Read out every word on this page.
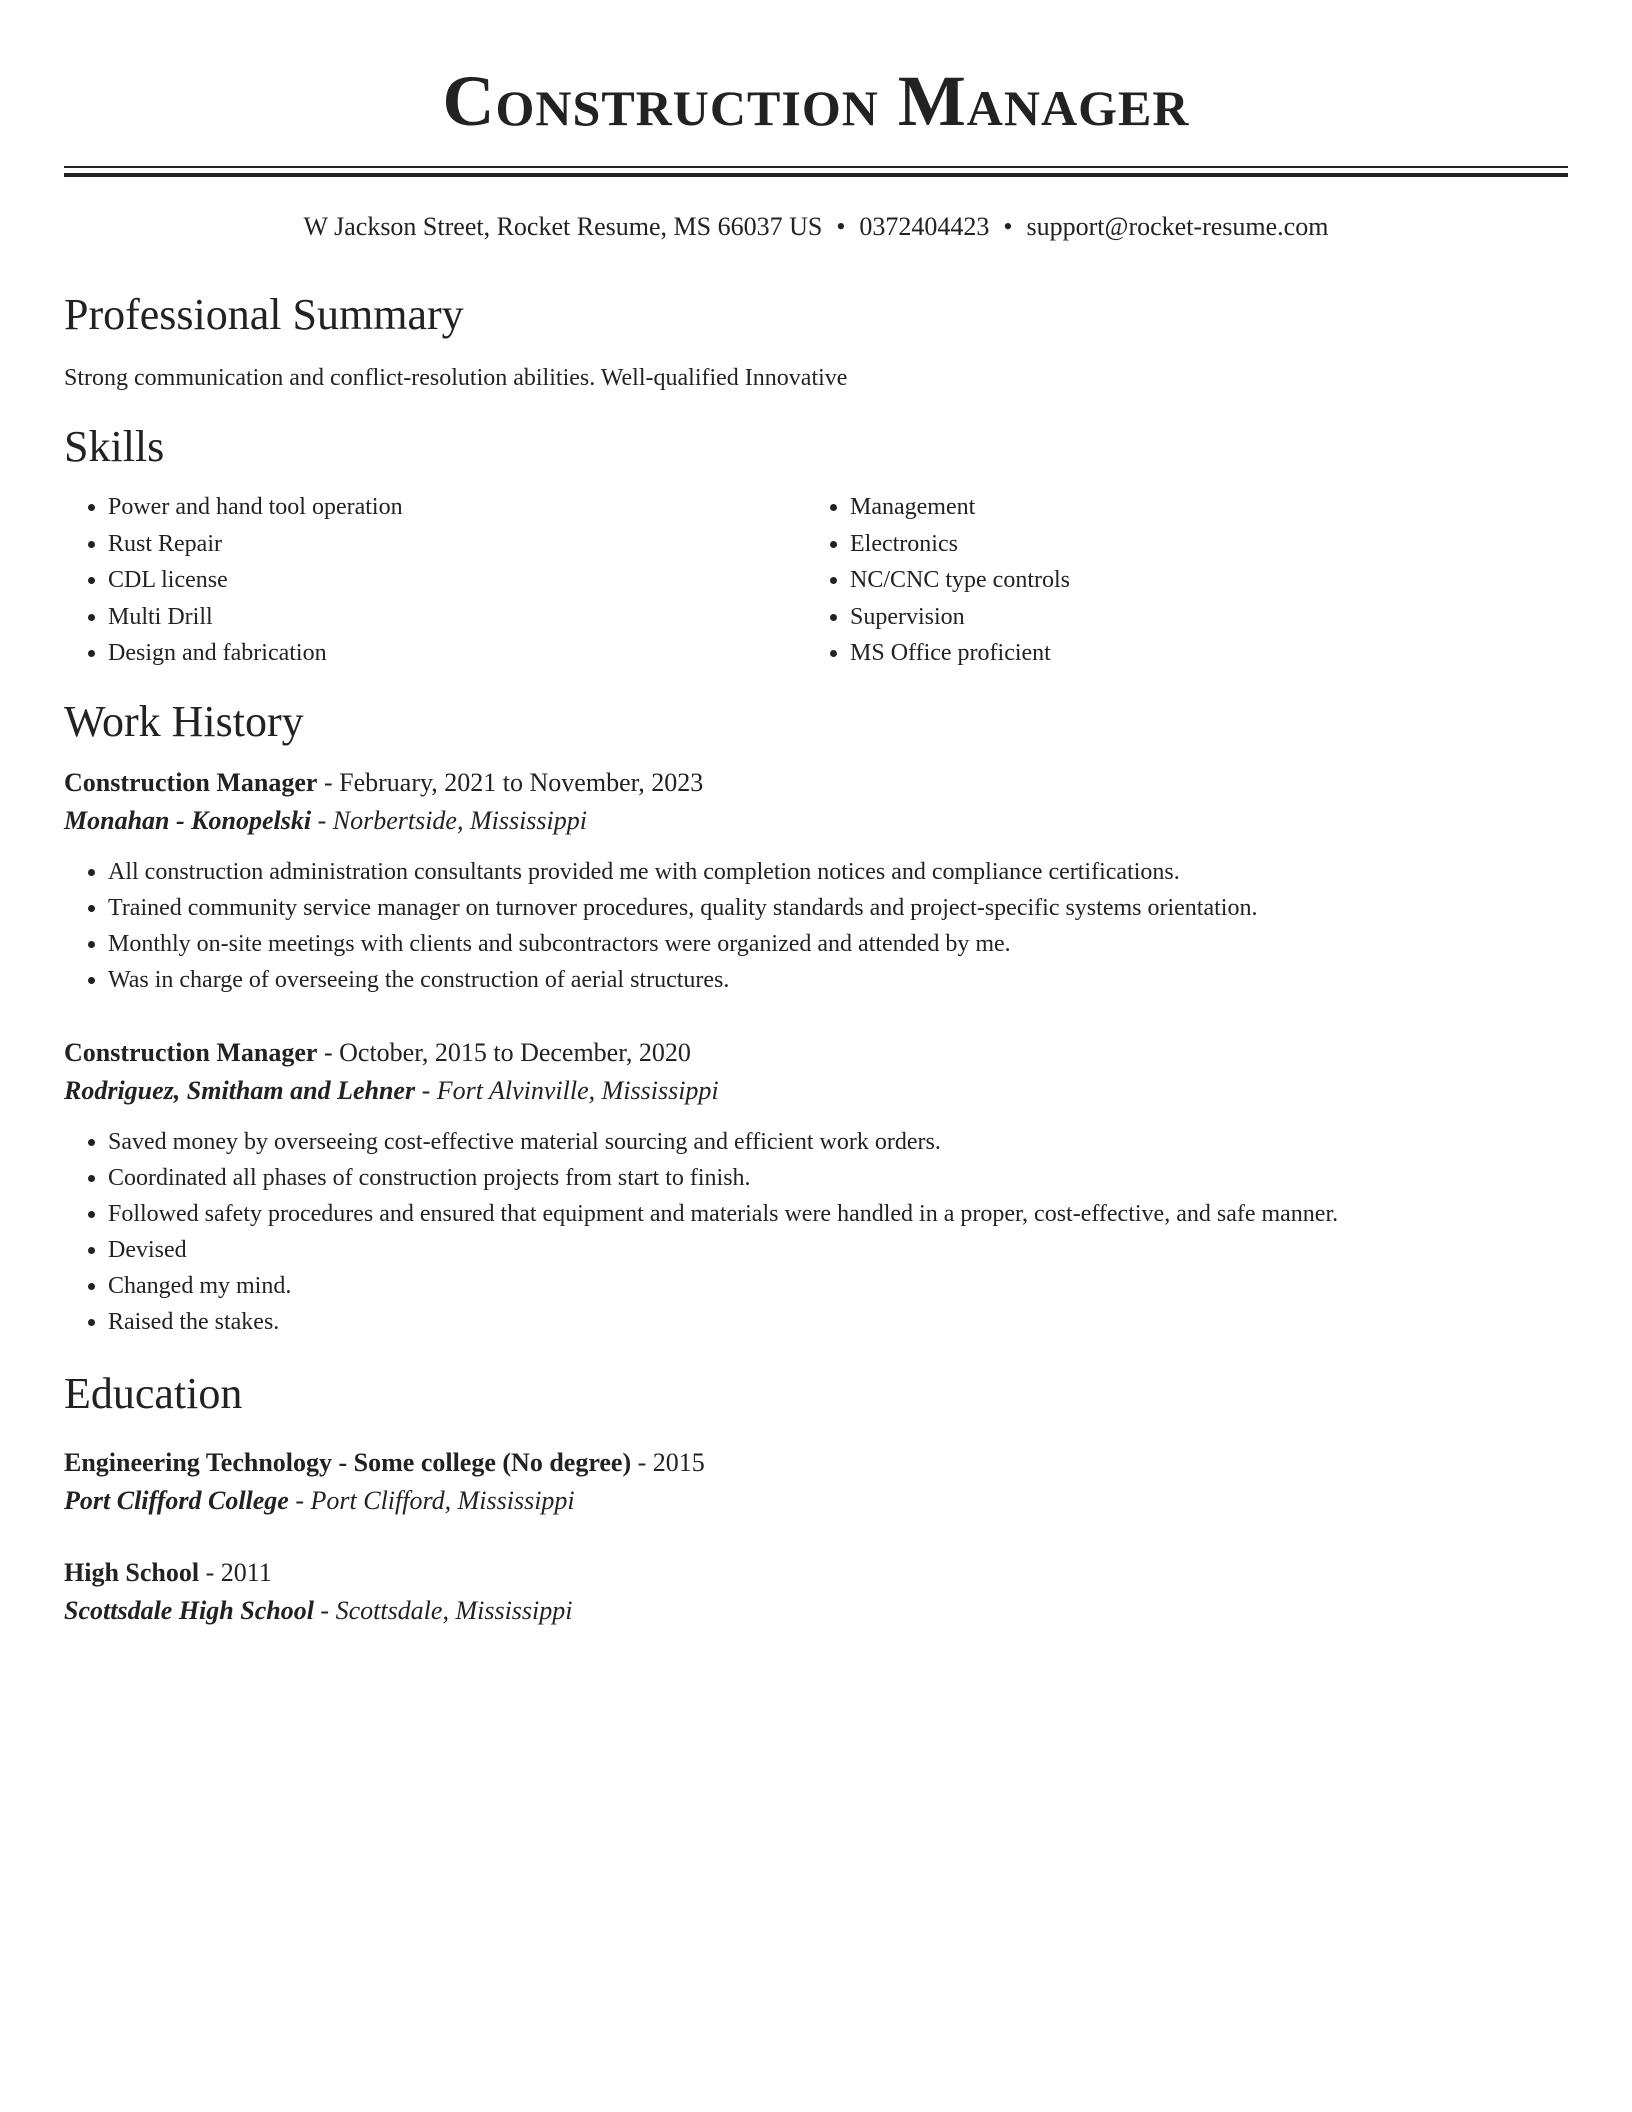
Construction Manager
W Jackson Street, Rocket Resume, MS 66037 US • 0372404423 • support@rocket-resume.com
Professional Summary
Strong communication and conflict-resolution abilities. Well-qualified Innovative
Skills
• Power and hand tool operation
• Rust Repair
• CDL license
• Multi Drill
• Design and fabrication
• Management
• Electronics
• NC/CNC type controls
• Supervision
• MS Office proficient
Work History
Construction Manager - February, 2021 to November, 2023
Monahan - Konopelski - Norbertside, Mississippi
• All construction administration consultants provided me with completion notices and compliance certifications.
• Trained community service manager on turnover procedures, quality standards and project-specific systems orientation.
• Monthly on-site meetings with clients and subcontractors were organized and attended by me.
• Was in charge of overseeing the construction of aerial structures.
Construction Manager - October, 2015 to December, 2020
Rodriguez, Smitham and Lehner - Fort Alvinville, Mississippi
• Saved money by overseeing cost-effective material sourcing and efficient work orders.
• Coordinated all phases of construction projects from start to finish.
• Followed safety procedures and ensured that equipment and materials were handled in a proper, cost-effective, and safe manner.
• Devised
• Changed my mind.
• Raised the stakes.
Education
Engineering Technology - Some college (No degree) - 2015
Port Clifford College - Port Clifford, Mississippi
High School - 2011
Scottsdale High School - Scottsdale, Mississippi
